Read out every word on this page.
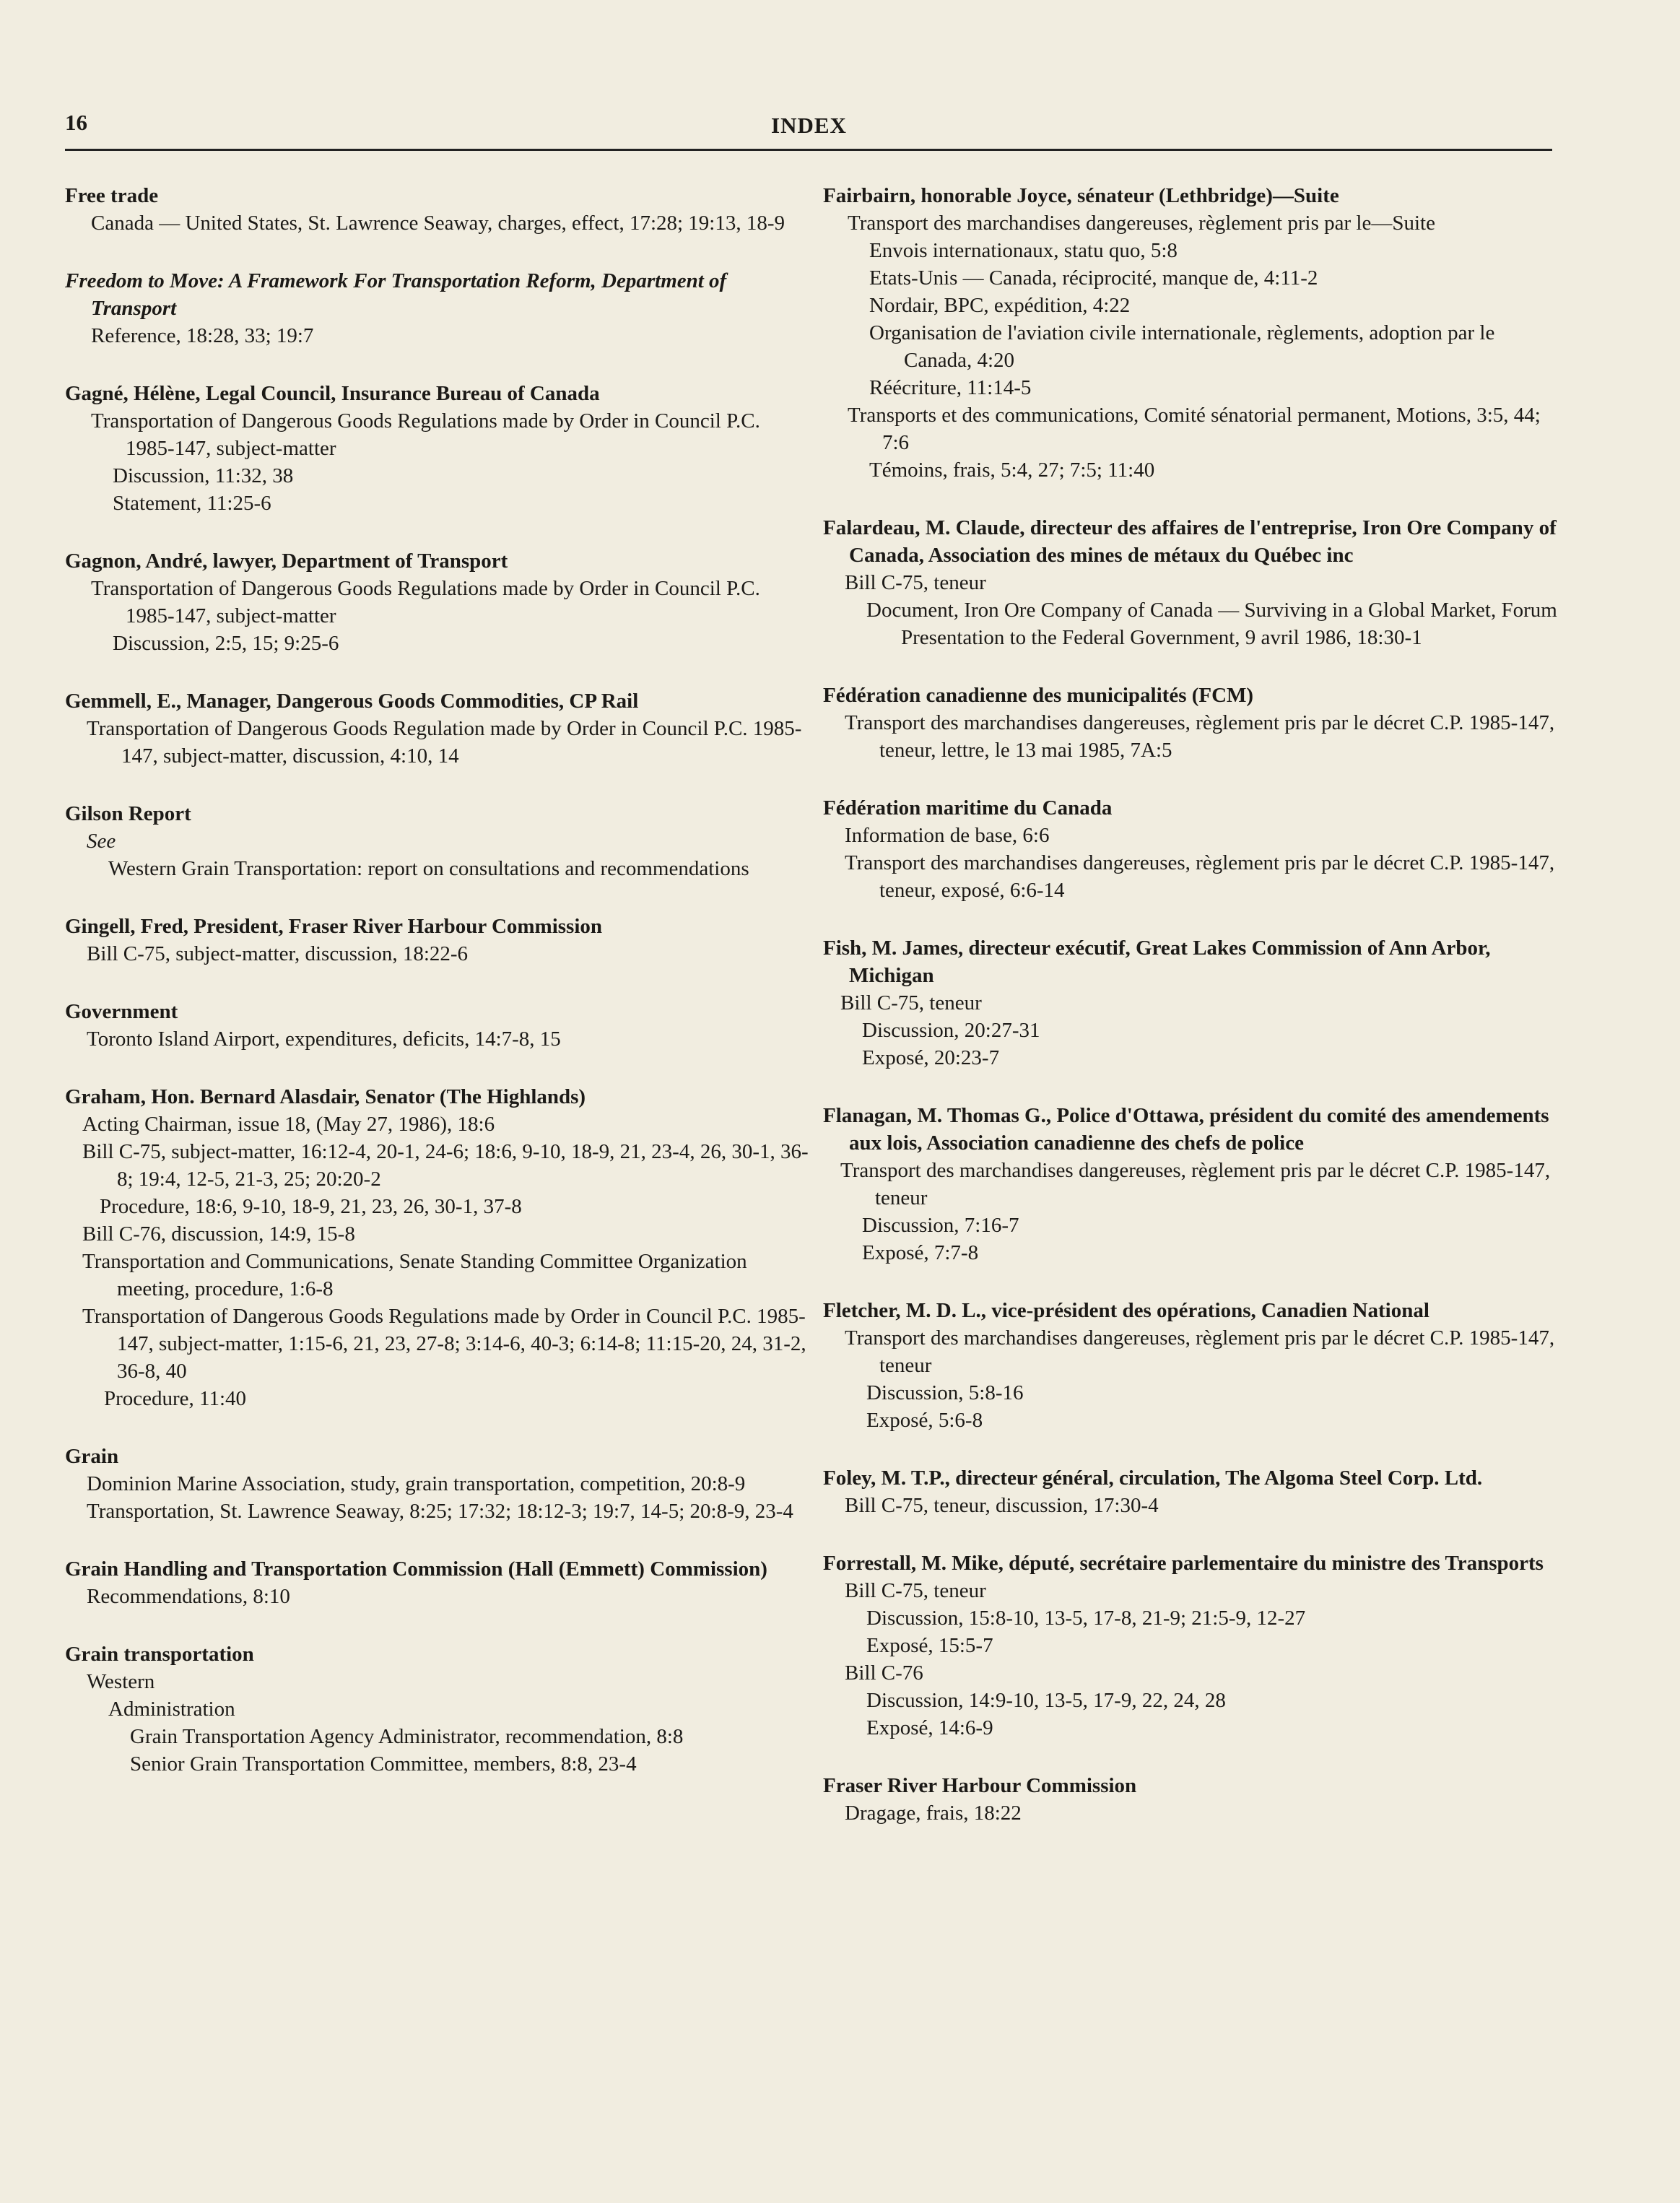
16	INDEX

Free trade

Canada — United States, St. Lawrence Seaway, charges, effect, 17:28; 19:13, 18-9

Freedom to Move: A Framework For Transportation Reform, Department of Transport

Reference, 18:28, 33; 19:7

Gagné, Hélène, Legal Council, Insurance Bureau of Canada

Transportation of Dangerous Goods Regulations made by Order in Council P.C. 1985-147, subject-matter

Discussion, 11:32, 38

Statement, 11:25-6

Gagnon, André, lawyer, Department of Transport

Transportation of Dangerous Goods Regulations made by Order in Council P.C. 1985-147, subject-matter

Discussion, 2:5, 15; 9:25-6

Gemmell, E., Manager, Dangerous Goods Commodities, CP Rail

Transportation of Dangerous Goods Regulation made by Order in Council P.C. 1985-147, subject-matter, discussion, 4:10, 14

Gilson Report

See

Western Grain Transportation: report on consultations and recommendations

Gingell, Fred, President, Fraser River Harbour Commission

Bill C-75, subject-matter, discussion, 18:22-6

Government

Toronto Island Airport, expenditures, deficits, 14:7-8, 15

Graham, Hon. Bernard Alasdair, Senator (The Highlands)

Acting Chairman, issue 18, (May 27, 1986), 18:6

Bill C-75, subject-matter, 16:12-4, 20-1, 24-6; 18:6, 9-10, 18-9, 21, 23-4, 26, 30-1, 36-8; 19:4, 12-5, 21-3, 25; 20:20-2

Procedure, 18:6, 9-10, 18-9, 21, 23, 26, 30-1, 37-8

Bill C-76, discussion, 14:9, 15-8

Transportation and Communications, Senate Standing Committee Organization meeting, procedure, 1:6-8

Transportation of Dangerous Goods Regulations made by Order in Council P.C. 1985-147, subject-matter, 1:15-6, 21, 23, 27-8; 3:14-6, 40-3; 6:14-8; 11:15-20, 24, 31-2, 36-8, 40

Procedure, 11:40

Grain

Dominion Marine Association, study, grain transportation, competition, 20:8-9

Transportation, St. Lawrence Seaway, 8:25; 17:32; 18:12-3; 19:7, 14-5; 20:8-9, 23-4

Grain Handling and Transportation Commission (Hall (Emmett) Commission)

Recommendations, 8:10

Grain transportation

Western

Administration

Grain Transportation Agency Administrator, recommendation, 8:8

Senior Grain Transportation Committee, members, 8:8, 23-4

Fairbairn, honorable Joyce, sénateur (Lethbridge)—Suite

Transport des marchandises dangereuses, règlement pris par le—Suite

Envois internationaux, statu quo, 5:8

Etats-Unis — Canada, réciprocité, manque de, 4:11-2

Nordair, BPC, expédition, 4:22

Organisation de l'aviation civile internationale, règlements, adoption par le Canada, 4:20

Réécriture, 11:14-5

Transports et des communications, Comité sénatorial permanent, Motions, 3:5, 44; 7:6

Témoins, frais, 5:4, 27; 7:5; 11:40

Falardeau, M. Claude, directeur des affaires de l'entreprise, Iron Ore Company of Canada, Association des mines de métaux du Québec inc

Bill C-75, teneur

Document, Iron Ore Company of Canada — Surviving in a Global Market, Forum Presentation to the Federal Government, 9 avril 1986, 18:30-1

Fédération canadienne des municipalités (FCM)

Transport des marchandises dangereuses, règlement pris par le décret C.P. 1985-147, teneur, lettre, le 13 mai 1985, 7A:5

Fédération maritime du Canada

Information de base, 6:6

Transport des marchandises dangereuses, règlement pris par le décret C.P. 1985-147, teneur, exposé, 6:6-14

Fish, M. James, directeur exécutif, Great Lakes Commission of Ann Arbor, Michigan

Bill C-75, teneur

Discussion, 20:27-31

Exposé, 20:23-7

Flanagan, M. Thomas G., Police d'Ottawa, président du comité des amendements aux lois, Association canadienne des chefs de police

Transport des marchandises dangereuses, règlement pris par le décret C.P. 1985-147, teneur

Discussion, 7:16-7

Exposé, 7:7-8

Fletcher, M. D. L., vice-président des opérations, Canadien National

Transport des marchandises dangereuses, règlement pris par le décret C.P. 1985-147, teneur

Discussion, 5:8-16

Exposé, 5:6-8

Foley, M. T.P., directeur général, circulation, The Algoma Steel Corp. Ltd.

Bill C-75, teneur, discussion, 17:30-4

Forrestall, M. Mike, député, secrétaire parlementaire du ministre des Transports

Bill C-75, teneur

Discussion, 15:8-10, 13-5, 17-8, 21-9; 21:5-9, 12-27

Exposé, 15:5-7

Bill C-76

Discussion, 14:9-10, 13-5, 17-9, 22, 24, 28

Exposé, 14:6-9

Fraser River Harbour Commission

Dragage, frais, 18:22
